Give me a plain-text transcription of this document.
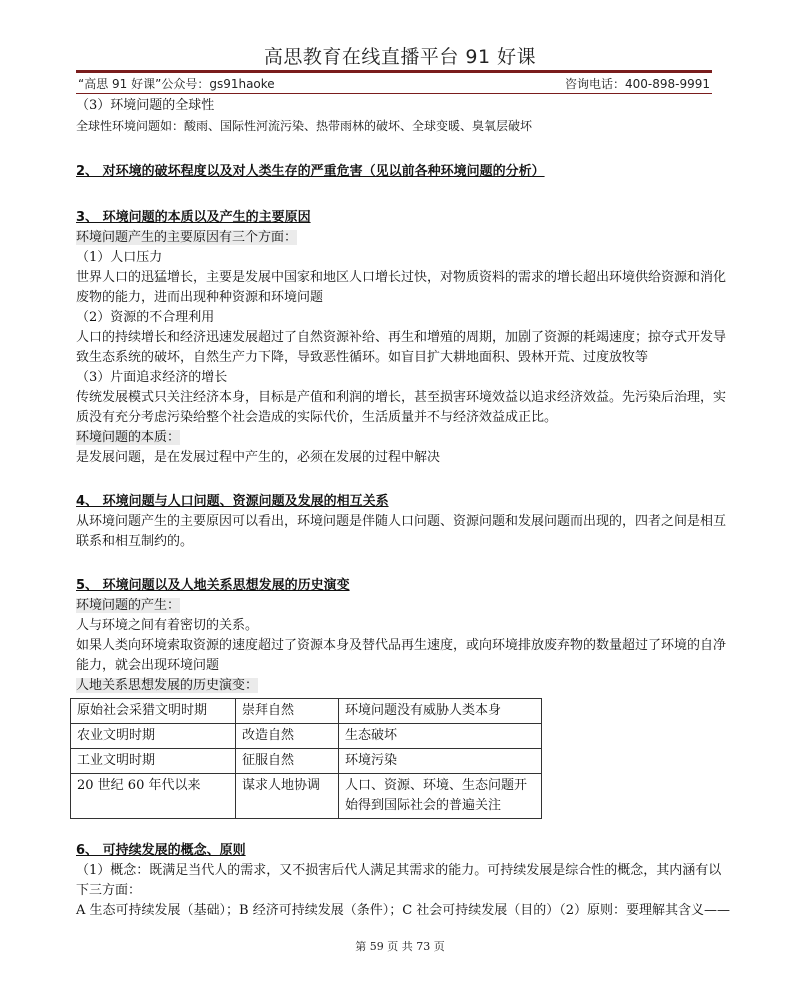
高思教育在线直播平台 91 好课
“高思 91 好课”公众号：gs91haoke	咨询电话：400-898-9991
（3）环境问题的全球性
全球性环境问题如：酸雨、国际性河流污染、热带雨林的破坏、全球变暖、臭氧层破坏
2、 对环境的破坏程度以及对人类生存的严重危害（见以前各种环境问题的分析）
3、 环境问题的本质以及产生的主要原因
环境问题产生的主要原因有三个方面：
（1）人口压力
世界人口的迅猛增长，主要是发展中国家和地区人口增长过快，对物质资料的需求的增长超出环境供给资源和消化废物的能力，进而出现种种资源和环境问题
（2）资源的不合理利用
人口的持续增长和经济迅速发展超过了自然资源补给、再生和增殖的周期，加剧了资源的耗竭速度；掠夺式开发导致生态系统的破坏，自然生产力下降，导致恶性循环。如盲目扩大耕地面积、毁林开荒、过度放牧等
（3）片面追求经济的增长
传统发展模式只关注经济本身，目标是产值和利润的增长，甚至损害环境效益以追求经济效益。先污染后治理，实质没有充分考虑污染给整个社会造成的实际代价，生活质量并不与经济效益成正比。
环境问题的本质：
是发展问题，是在发展过程中产生的，必须在发展的过程中解决
4、 环境问题与人口问题、资源问题及发展的相互关系
从环境问题产生的主要原因可以看出，环境问题是伴随人口问题、资源问题和发展问题而出现的，四者之间是相互联系和相互制约的。
5、 环境问题以及人地关系思想发展的历史演变
环境问题的产生：
人与环境之间有着密切的关系。
如果人类向环境索取资源的速度超过了资源本身及替代品再生速度，或向环境排放废弃物的数量超过了环境的自净能力，就会出现环境问题
人地关系思想发展的历史演变：
原始社会采猎文明时期	崇拜自然	环境问题没有威胁人类本身
农业文明时期	改造自然	生态破坏
工业文明时期	征服自然	环境污染
20 世纪 60 年代以来	谋求人地协调	人口、资源、环境、生态问题开始得到国际社会的普遍关注
6、 可持续发展的概念、原则
（1）概念：既满足当代人的需求，又不损害后代人满足其需求的能力。可持续发展是综合性的概念，其内涵有以下三方面：
A 生态可持续发展（基础）；B 经济可持续发展（条件）；C 社会可持续发展（目的）（2）原则：要理解其含义——
第 59 页 共 73 页
